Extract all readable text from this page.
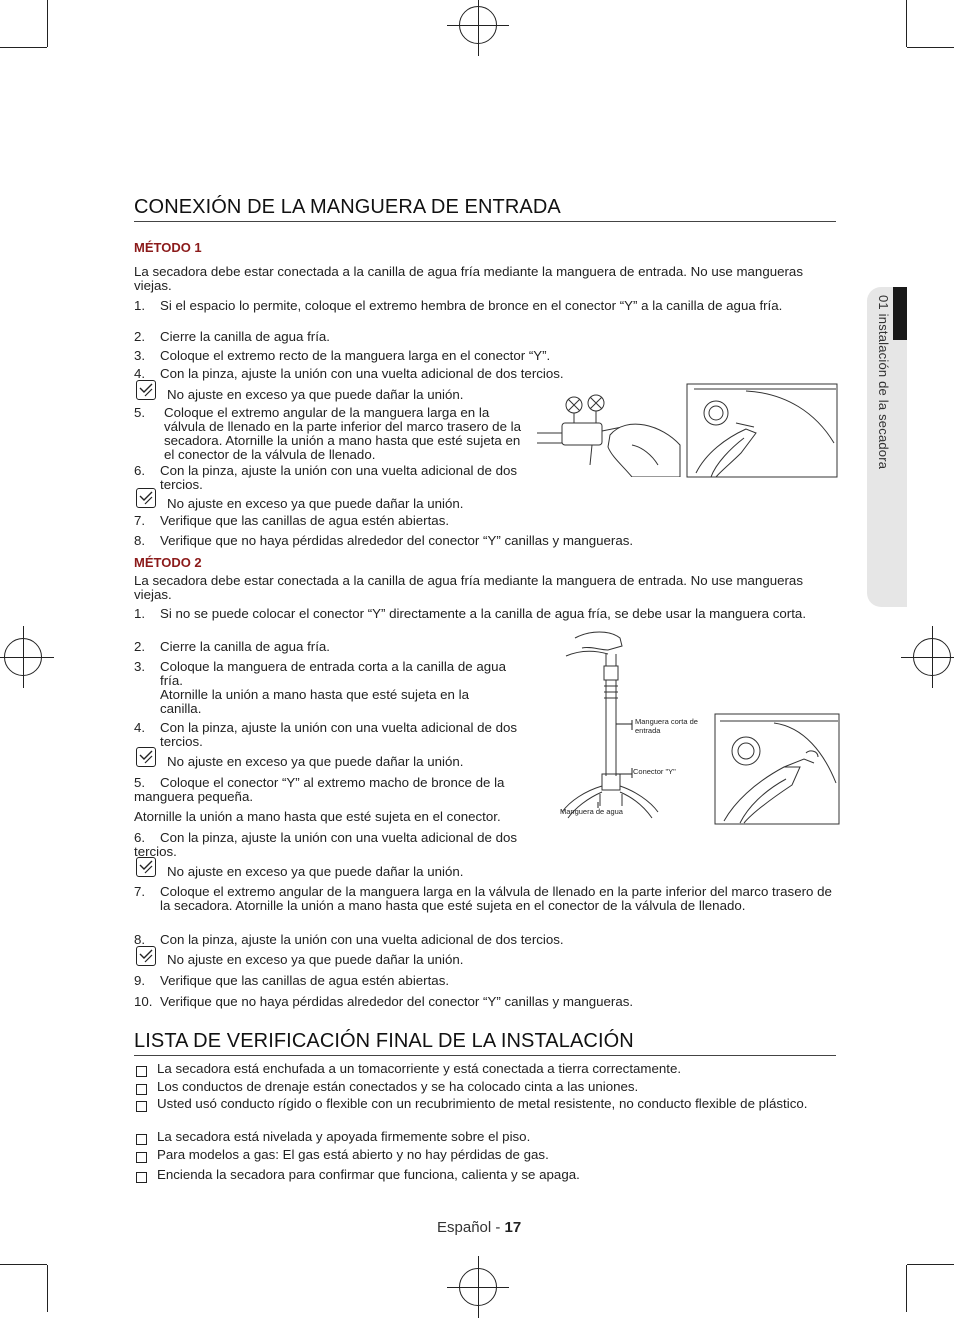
01 instalación de la secadora
CONEXIÓN DE LA MANGUERA DE ENTRADA
MÉTODO 1
La secadora debe estar conectada a la canilla de agua fría mediante la manguera de entrada. No use mangueras viejas.
1. Si el espacio lo permite, coloque el extremo hembra de bronce en el conector “Y” a la canilla de agua fría.
2. Cierre la canilla de agua fría.
3. Coloque el extremo recto de la manguera larga en el conector “Y”.
4. Con la pinza, ajuste la unión con una vuelta adicional de dos tercios.
No ajuste en exceso ya que puede dañar la unión.
5. Coloque el extremo angular de la manguera larga en la válvula de llenado en la parte inferior del marco trasero de la secadora. Atornille la unión a mano hasta que esté sujeta en el conector de la válvula de llenado.
6. Con la pinza, ajuste la unión con una vuelta adicional de dos tercios.
No ajuste en exceso ya que puede dañar la unión.
7. Verifique que las canillas de agua estén abiertas.
8. Verifique que no haya pérdidas alrededor del conector “Y” canillas y mangueras.
MÉTODO 2
La secadora debe estar conectada a la canilla de agua fría mediante la manguera de entrada. No use mangueras viejas.
1. Si no se puede colocar el conector “Y” directamente a la canilla de agua fría, se debe usar la manguera corta.
2. Cierre la canilla de agua fría.
3. Coloque la manguera de entrada corta a la canilla de agua fría.
Atornille la unión a mano hasta que esté sujeta en la canilla.
4. Con la pinza, ajuste la unión con una vuelta adicional de dos tercios.
No ajuste en exceso ya que puede dañar la unión.
5.	Coloque el conector “Y” al extremo macho de bronce de la manguera pequeña.
Atornille la unión a mano hasta que esté sujeta en el conector.
6.	Con la pinza, ajuste la unión con una vuelta adicional de dos tercios.
No ajuste en exceso ya que puede dañar la unión.
7. Coloque el extremo angular de la manguera larga en la válvula de llenado en la parte inferior del marco trasero de la secadora. Atornille la unión a mano hasta que esté sujeta en el conector de la válvula de llenado.
8. Con la pinza, ajuste la unión con una vuelta adicional de dos tercios.
No ajuste en exceso ya que puede dañar la unión.
9. Verifique que las canillas de agua estén abiertas.
10. Verifique que no haya pérdidas alrededor del conector “Y” canillas y mangueras.
LISTA DE VERIFICACIÓN FINAL DE LA INSTALACIÓN
La secadora está enchufada a un tomacorriente y está conectada a tierra correctamente.
Los conductos de drenaje están conectados y se ha colocado cinta a las uniones.
Usted usó conducto rígido o flexible con un recubrimiento de metal resistente, no conducto flexible de plástico.
La secadora está nivelada y apoyada firmemente sobre el piso.
Para modelos a gas: El gas está abierto y no hay pérdidas de gas.
Encienda la secadora para confirmar que funciona, calienta y se apaga.
Manguera corta de entrada
Conector "Y"
Manguera de agua
Español - 17
